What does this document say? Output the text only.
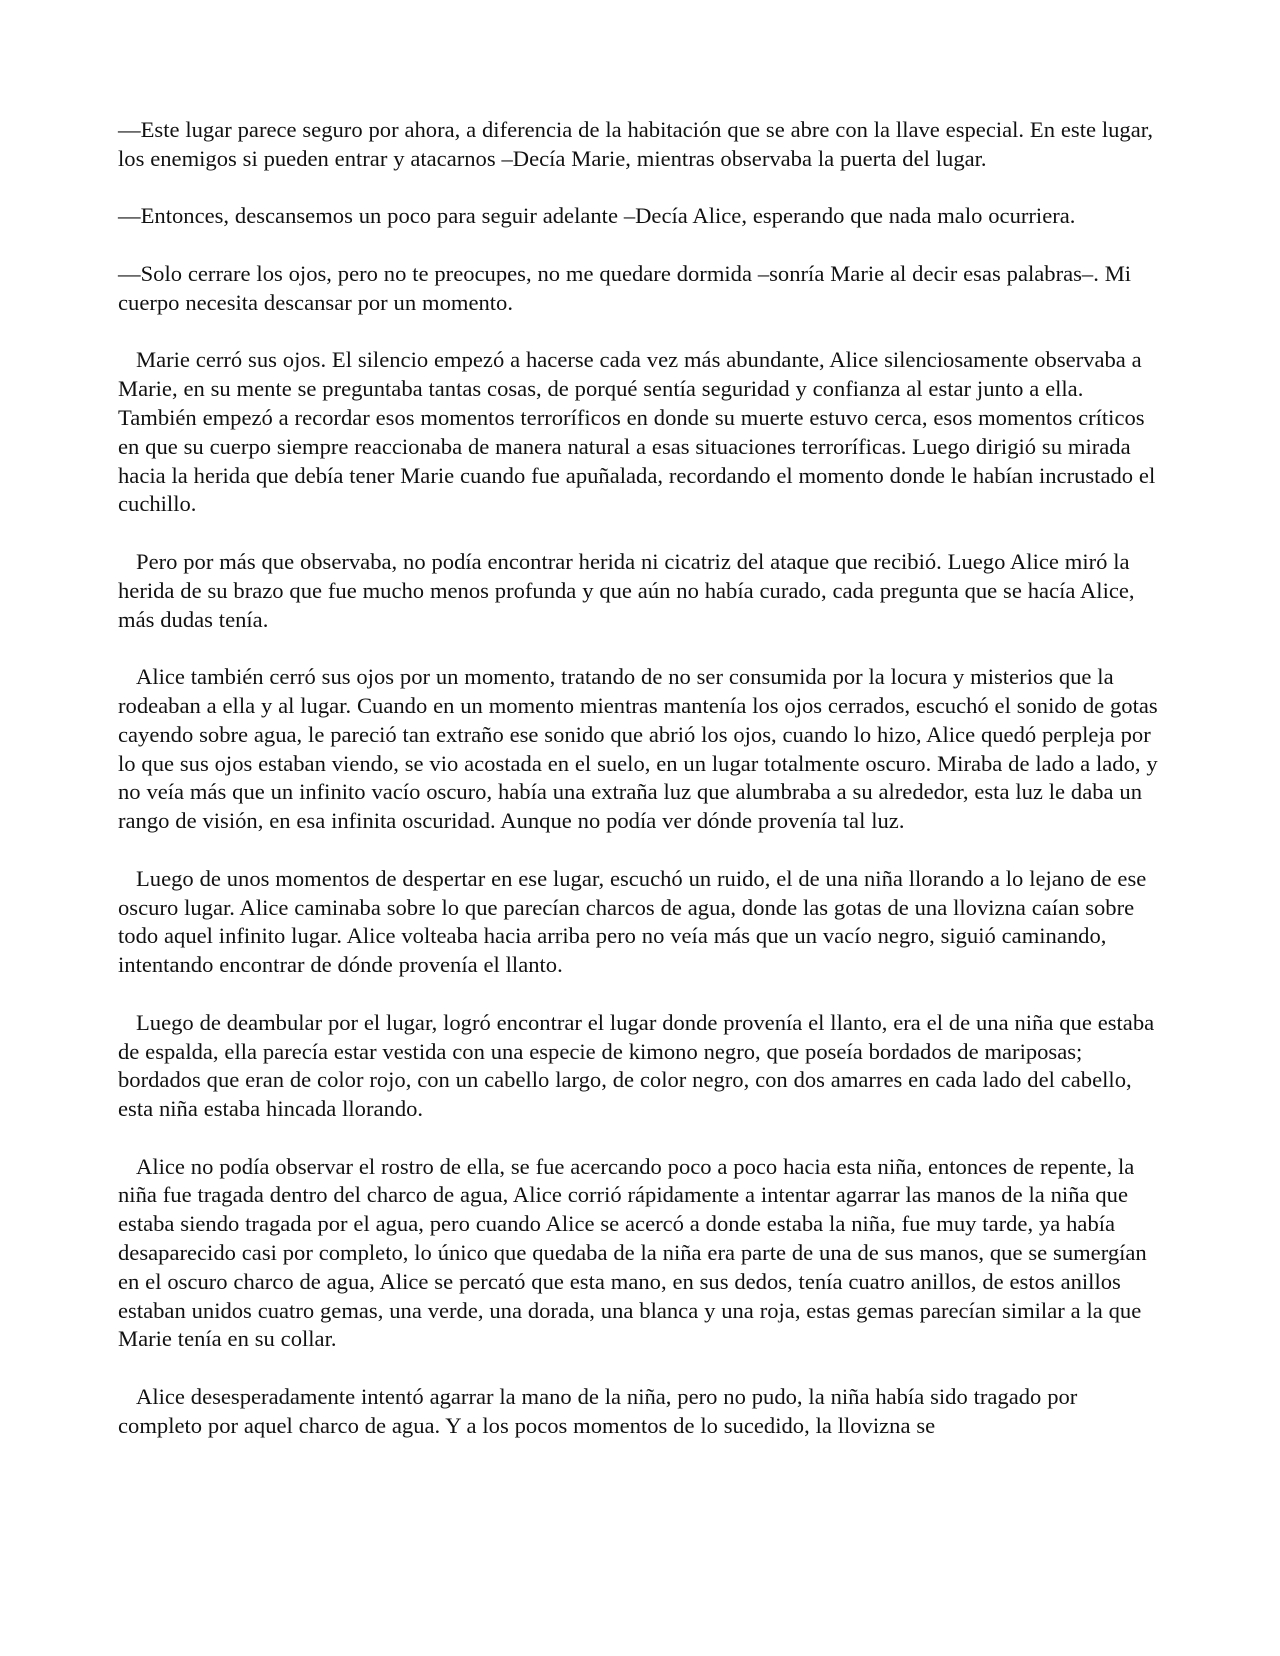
—Este lugar parece seguro por ahora, a diferencia de la habitación que se abre con la llave especial. En este lugar, los enemigos si pueden entrar y atacarnos –Decía Marie, mientras observaba la puerta del lugar.

—Entonces, descansemos un poco para seguir adelante –Decía Alice, esperando que nada malo ocurriera.

—Solo cerrare los ojos, pero no te preocupes, no me quedare dormida –sonría Marie al decir esas palabras–. Mi cuerpo necesita descansar por un momento.

Marie cerró sus ojos. El silencio empezó a hacerse cada vez más abundante, Alice silenciosamente observaba a Marie, en su mente se preguntaba tantas cosas, de porqué sentía seguridad y confianza al estar junto a ella. También empezó a recordar esos momentos terroríficos en donde su muerte estuvo cerca, esos momentos críticos en que su cuerpo siempre reaccionaba de manera natural a esas situaciones terroríficas. Luego dirigió su mirada hacia la herida que debía tener Marie cuando fue apuñalada, recordando el momento donde le habían incrustado el cuchillo.

Pero por más que observaba, no podía encontrar herida ni cicatriz del ataque que recibió. Luego Alice miró la herida de su brazo que fue mucho menos profunda y que aún no había curado, cada pregunta que se hacía Alice, más dudas tenía.

Alice también cerró sus ojos por un momento, tratando de no ser consumida por la locura y misterios que la rodeaban a ella y al lugar. Cuando en un momento mientras mantenía los ojos cerrados, escuchó el sonido de gotas cayendo sobre agua, le pareció tan extraño ese sonido que abrió los ojos, cuando lo hizo, Alice quedó perpleja por lo que sus ojos estaban viendo, se vio acostada en el suelo, en un lugar totalmente oscuro. Miraba de lado a lado, y no veía más que un infinito vacío oscuro, había una extraña luz que alumbraba a su alrededor, esta luz le daba un rango de visión, en esa infinita oscuridad. Aunque no podía ver dónde provenía tal luz.

Luego de unos momentos de despertar en ese lugar, escuchó un ruido, el de una niña llorando a lo lejano de ese oscuro lugar. Alice caminaba sobre lo que parecían charcos de agua, donde las gotas de una llovizna caían sobre todo aquel infinito lugar. Alice volteaba hacia arriba pero no veía más que un vacío negro, siguió caminando, intentando encontrar de dónde provenía el llanto.

Luego de deambular por el lugar, logró encontrar el lugar donde provenía el llanto, era el de una niña que estaba de espalda, ella parecía estar vestida con una especie de kimono negro, que poseía bordados de mariposas; bordados que eran de color rojo, con un cabello largo, de color negro, con dos amarres en cada lado del cabello,  esta niña estaba hincada llorando.

Alice no podía observar el rostro de ella, se fue acercando poco a poco hacia esta niña, entonces de repente, la niña fue tragada dentro del charco de agua, Alice corrió rápidamente a intentar agarrar las manos de la niña que estaba siendo tragada por el agua, pero cuando Alice se acercó a donde estaba la niña, fue muy tarde, ya había desaparecido casi por completo, lo único que quedaba de la niña era parte de una de sus manos, que se sumergían en el oscuro charco de agua, Alice se percató que esta mano, en sus dedos, tenía cuatro anillos, de estos anillos estaban unidos cuatro gemas, una verde, una dorada, una blanca y una roja, estas gemas parecían similar a la que Marie tenía en su collar.

Alice desesperadamente intentó agarrar la mano de la niña, pero no pudo, la niña había sido tragado por completo por aquel charco de agua. Y a los pocos momentos de lo sucedido, la llovizna se
